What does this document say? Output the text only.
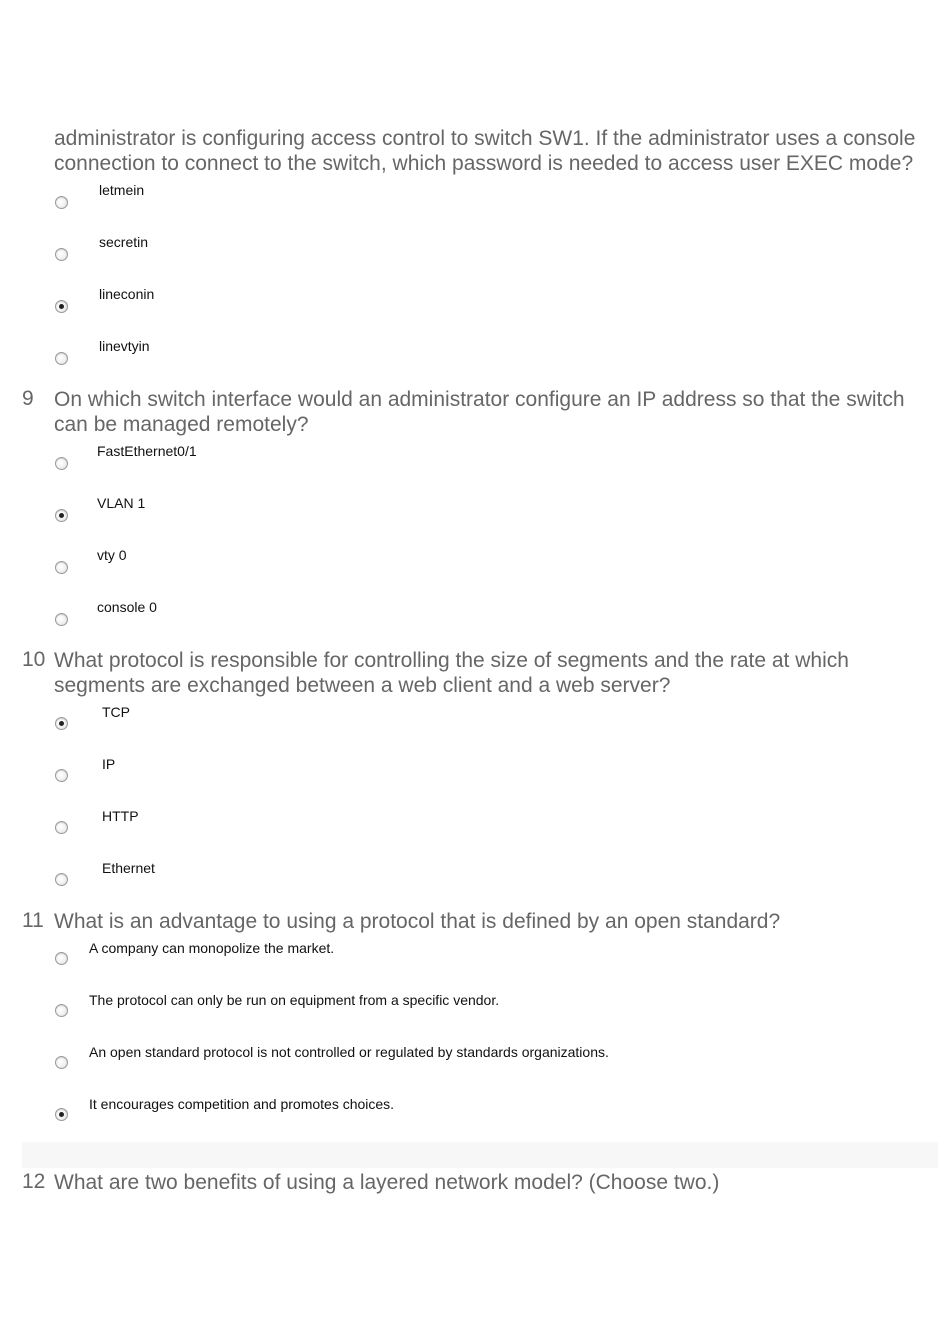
administrator is configuring access control to switch SW1. If the administrator uses a console
connection to connect to the switch, which password is needed to access user EXEC mode?
letmein
secretin
lineconin
linevtyin
9 On which switch interface would an administrator configure an IP address so that the switch
can be managed remotely?
FastEthernet0/1
VLAN 1
vty 0
console 0
10 What protocol is responsible for controlling the size of segments and the rate at which
segments are exchanged between a web client and a web server?
TCP
IP
HTTP
Ethernet
11 What is an advantage to using a protocol that is defined by an open standard?
A company can monopolize the market.
The protocol can only be run on equipment from a specific vendor.
An open standard protocol is not controlled or regulated by standards organizations.
It encourages competition and promotes choices.
12 What are two benefits of using a layered network model? (Choose two.)
